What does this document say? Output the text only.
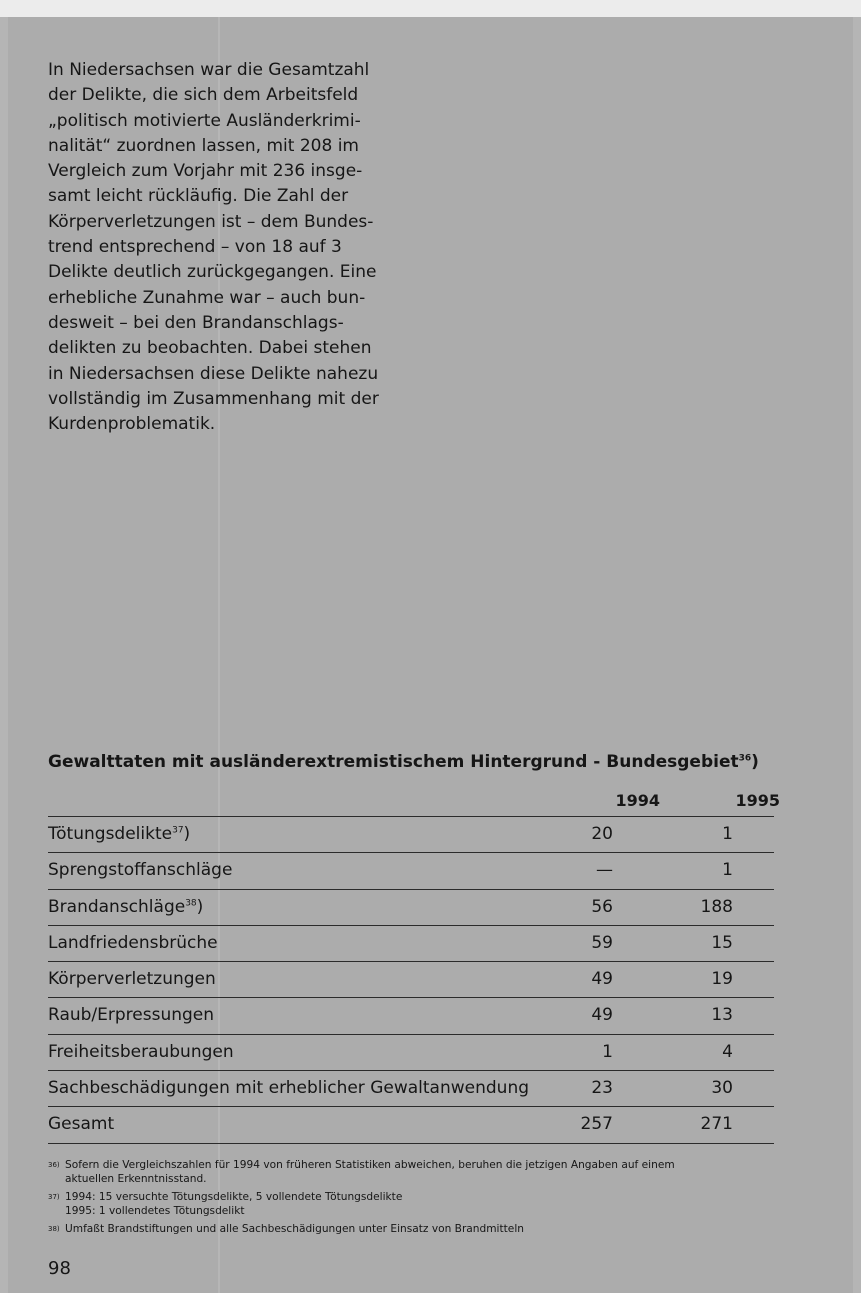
In Niedersachsen war die Gesamtzahl
der Delikte, die sich dem Arbeitsfeld
„politisch motivierte Ausländerkrimi-
nalität“ zuordnen lassen, mit 208 im
Vergleich zum Vorjahr mit 236 insge-
samt leicht rückläufig. Die Zahl der
Körperverletzungen ist – dem Bundes-
trend entsprechend – von 18 auf 3
Delikte deutlich zurückgegangen. Eine
erhebliche Zunahme war – auch bun-
desweit – bei den Brandanschlags-
delikten zu beobachten. Dabei stehen
in Niedersachsen diese Delikte nahezu
vollständig im Zusammenhang mit der
Kurdenproblematik.

Gewalttaten mit ausländerextremistischem Hintergrund - Bundesgebiet$^{36}$)
1994	1995
Tötungsdelikte$^{37}$)	20	1
Sprengstoffanschläge	—	1
Brandanschläge$^{38}$)	56	188
Landfriedensbrüche	59	15
Körperverletzungen	49	19
Raub/Erpressungen	49	13
Freiheitsberaubungen	1	4
Sachbeschädigungen mit erheblicher Gewaltanwendung	23	30
Gesamt	257	271
36) Sofern die Vergleichszahlen für 1994 von früheren Statistiken abweichen, beruhen die jetzigen Angaben auf einem
aktuellen Erkenntnisstand.
37) 1994: 15 versuchte Tötungsdelikte, 5 vollendete Tötungsdelikte
1995: 1 vollendetes Tötungsdelikt
38) Umfaßt Brandstiftungen und alle Sachbeschädigungen unter Einsatz von Brandmitteln
98
